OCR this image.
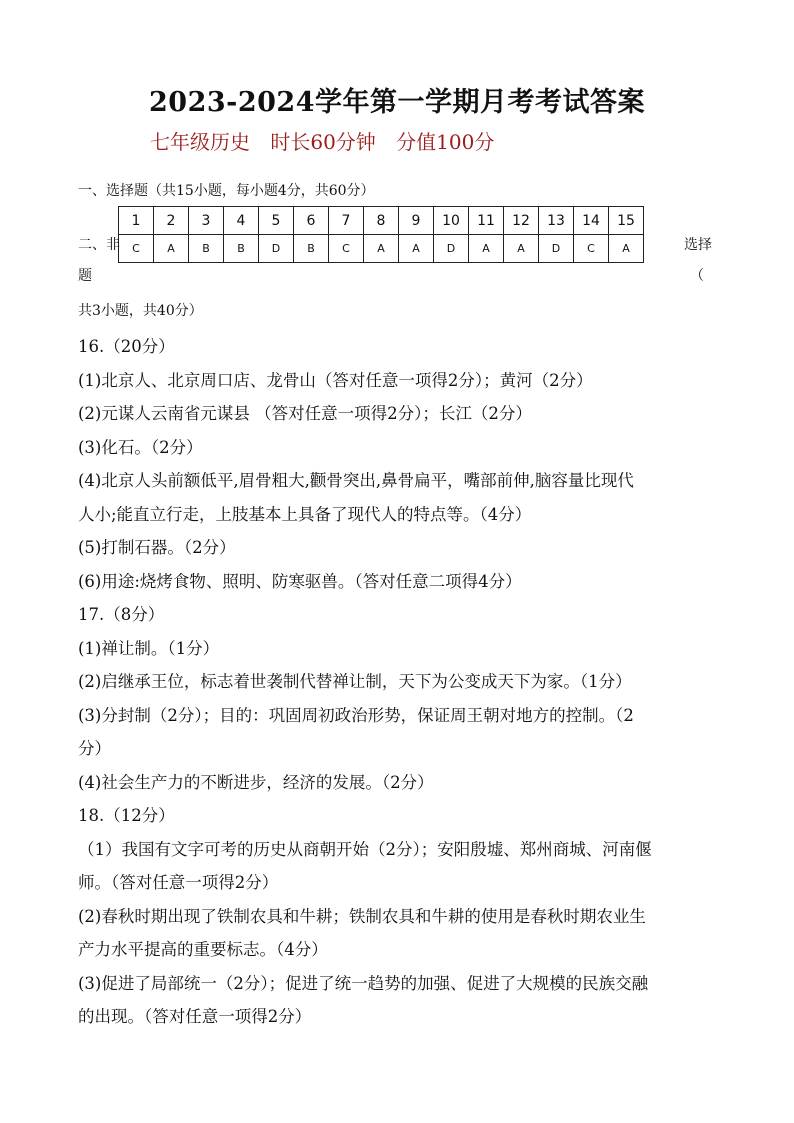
2023-2024学年第一学期月考考试答案
七年级历史 时长60分钟 分值100分
一、选择题（共15小题，每小题4分，共60分）
1	2	3	4	5	6	7	8	9	10	11	12	13	14	15
C	A	B	B	D	B	C	A	A	D	A	A	D	C	A
二、非
题
选择
（
共3小题，共40分）
16.（20分）
(1)北京人、北京周口店、龙骨山（答对任意一项得2分）；黄河（2分）
(2)元谋人云南省元谋县 （答对任意一项得2分）；长江（2分）
(3)化石。（2分）
(4)北京人头前额低平,眉骨粗大,颧骨突出,鼻骨扁平，嘴部前伸,脑容量比现代
人小;能直立行走，上肢基本上具备了现代人的特点等。（4分）
(5)打制石器。（2分）
(6)用途:烧烤食物、照明、防寒驱兽。（答对任意二项得4分）
17.（8分）
(1)禅让制。（1分）
(2)启继承王位，标志着世袭制代替禅让制，天下为公变成天下为家。（1分）
(3)分封制（2分）；目的：巩固周初政治形势，保证周王朝对地方的控制。（2
分）
(4)社会生产力的不断进步，经济的发展。（2分）
18.（12分）
（1）我国有文字可考的历史从商朝开始（2分）；安阳殷墟、郑州商城、河南偃
师。（答对任意一项得2分）
(2)春秋时期出现了铁制农具和牛耕；铁制农具和牛耕的使用是春秋时期农业生
产力水平提高的重要标志。（4分）
(3)促进了局部统一（2分）；促进了统一趋势的加强、促进了大规模的民族交融
的出现。（答对任意一项得2分）
